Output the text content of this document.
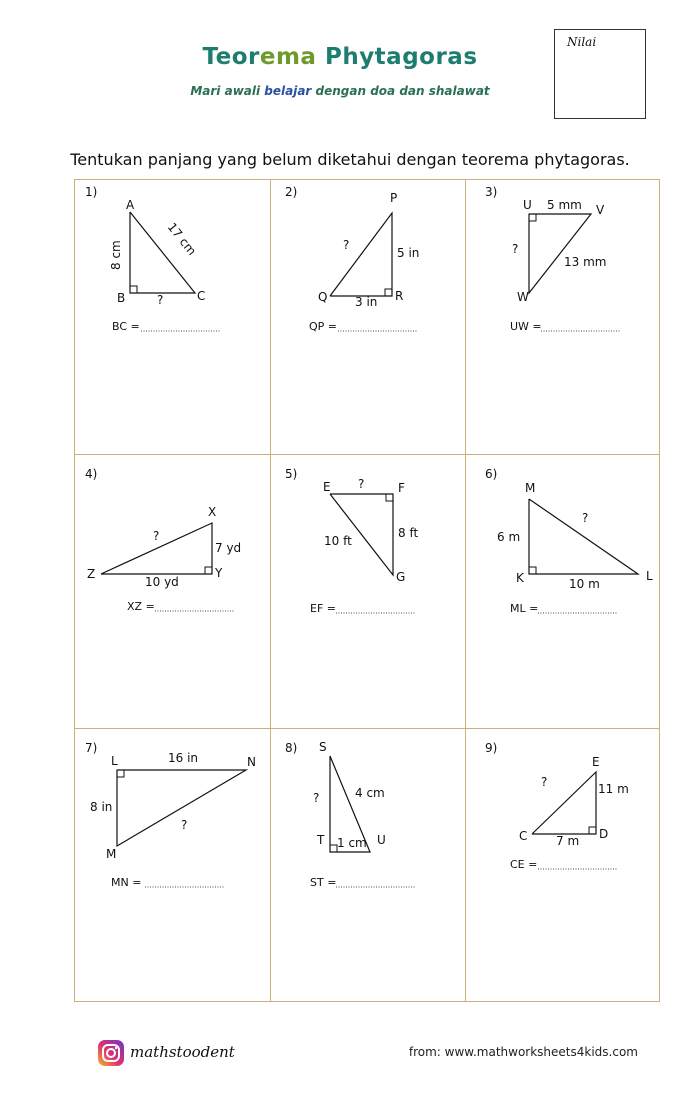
Teorema Phytagoras
Mari awali belajar dengan doa dan shalawat
Nilai
Tentukan panjang yang belum diketahui dengan teorema phytagoras.
1)
A
B	C
8 cm	17 cm
?
BC =
2)	P
Q	R
5 in
3 in
?
QP =
3)
U	V
W
5 mm
13 mm
?
UW =
4)
X
Y
Z
7 yd
10 yd
?
XZ =
5)
E	F
G
8 ft
10 ft
?
EF =
6)
M
K	L
6 m
10 m
?
ML =
7)
L	N
M
16 in
8 in
?
MN =
8) S
T	U
4 cm
1 cm
?
ST =
9)
E
C	D
11 m
7 m
?
CE =
mathstoodent	from: www.mathworksheets4kids.com
